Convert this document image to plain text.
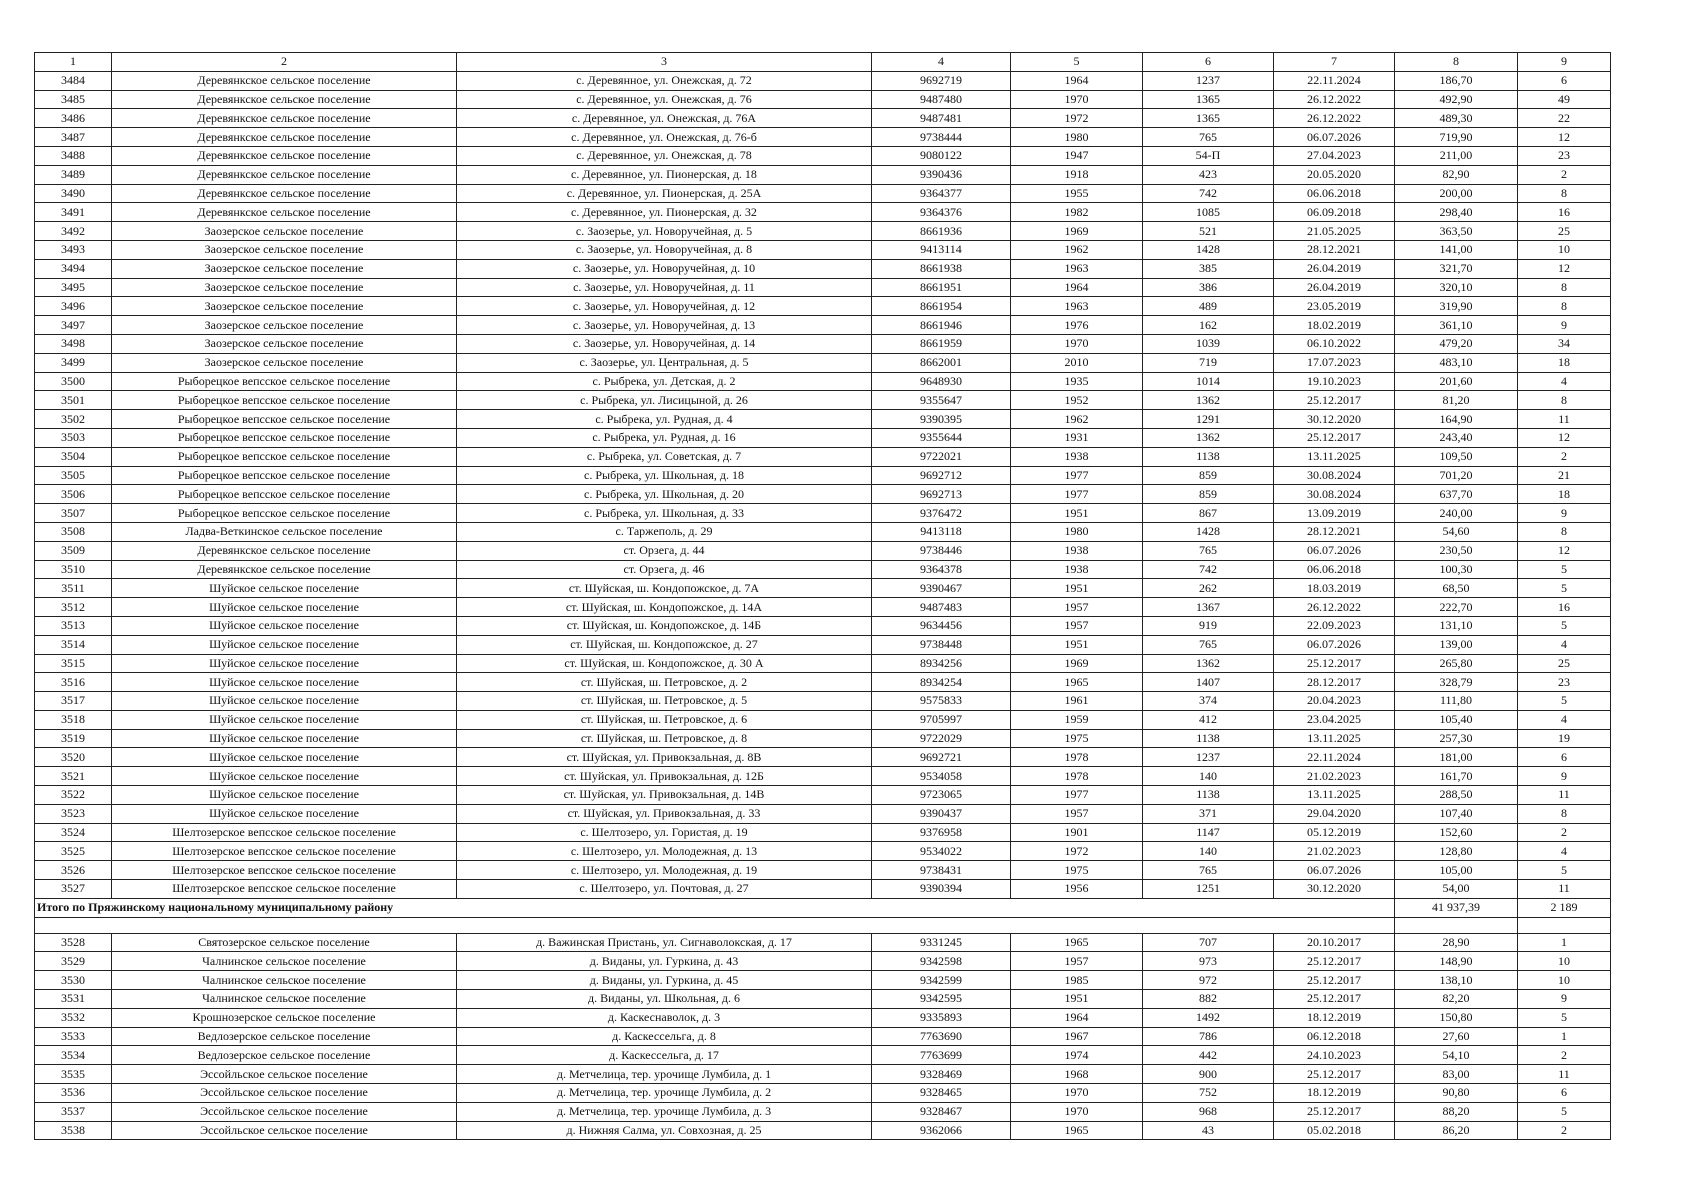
1	2	3	4	5	6	7	8	9
3484	Деревянкское сельское поселение	с. Деревянное, ул. Онежская, д. 72	9692719	1964	1237	22.11.2024	186,70	6
3485	Деревянкское сельское поселение	с. Деревянное, ул. Онежская, д. 76	9487480	1970	1365	26.12.2022	492,90	49
3486	Деревянкское сельское поселение	с. Деревянное, ул. Онежская, д. 76А	9487481	1972	1365	26.12.2022	489,30	22
3487	Деревянкское сельское поселение	с. Деревянное, ул. Онежская, д. 76-б	9738444	1980	765	06.07.2026	719,90	12
3488	Деревянкское сельское поселение	с. Деревянное, ул. Онежская, д. 78	9080122	1947	54-П	27.04.2023	211,00	23
3489	Деревянкское сельское поселение	с. Деревянное, ул. Пионерская, д. 18	9390436	1918	423	20.05.2020	82,90	2
3490	Деревянкское сельское поселение	с. Деревянное, ул. Пионерская, д. 25А	9364377	1955	742	06.06.2018	200,00	8
3491	Деревянкское сельское поселение	с. Деревянное, ул. Пионерская, д. 32	9364376	1982	1085	06.09.2018	298,40	16
3492	Заозерское сельское поселение	с. Заозерье, ул. Новоручейная, д. 5	8661936	1969	521	21.05.2025	363,50	25
3493	Заозерское сельское поселение	с. Заозерье, ул. Новоручейная, д. 8	9413114	1962	1428	28.12.2021	141,00	10
3494	Заозерское сельское поселение	с. Заозерье, ул. Новоручейная, д. 10	8661938	1963	385	26.04.2019	321,70	12
3495	Заозерское сельское поселение	с. Заозерье, ул. Новоручейная, д. 11	8661951	1964	386	26.04.2019	320,10	8
3496	Заозерское сельское поселение	с. Заозерье, ул. Новоручейная, д. 12	8661954	1963	489	23.05.2019	319,90	8
3497	Заозерское сельское поселение	с. Заозерье, ул. Новоручейная, д. 13	8661946	1976	162	18.02.2019	361,10	9
3498	Заозерское сельское поселение	с. Заозерье, ул. Новоручейная, д. 14	8661959	1970	1039	06.10.2022	479,20	34
3499	Заозерское сельское поселение	с. Заозерье, ул. Центральная, д. 5	8662001	2010	719	17.07.2023	483,10	18
3500	Рыборецкое вепсское сельское поселение	с. Рыбрека, ул. Детская, д. 2	9648930	1935	1014	19.10.2023	201,60	4
3501	Рыборецкое вепсское сельское поселение	с. Рыбрека, ул. Лисицыной, д. 26	9355647	1952	1362	25.12.2017	81,20	8
3502	Рыборецкое вепсское сельское поселение	с. Рыбрека, ул. Рудная, д. 4	9390395	1962	1291	30.12.2020	164,90	11
3503	Рыборецкое вепсское сельское поселение	с. Рыбрека, ул. Рудная, д. 16	9355644	1931	1362	25.12.2017	243,40	12
3504	Рыборецкое вепсское сельское поселение	с. Рыбрека, ул. Советская, д. 7	9722021	1938	1138	13.11.2025	109,50	2
3505	Рыборецкое вепсское сельское поселение	с. Рыбрека, ул. Школьная, д. 18	9692712	1977	859	30.08.2024	701,20	21
3506	Рыборецкое вепсское сельское поселение	с. Рыбрека, ул. Школьная, д. 20	9692713	1977	859	30.08.2024	637,70	18
3507	Рыборецкое вепсское сельское поселение	с. Рыбрека, ул. Школьная, д. 33	9376472	1951	867	13.09.2019	240,00	9
3508	Ладва-Веткинское сельское поселение	с. Таржеполь, д. 29	9413118	1980	1428	28.12.2021	54,60	8
3509	Деревянкское сельское поселение	ст. Орзега, д. 44	9738446	1938	765	06.07.2026	230,50	12
3510	Деревянкское сельское поселение	ст. Орзега, д. 46	9364378	1938	742	06.06.2018	100,30	5
3511	Шуйское сельское поселение	ст. Шуйская, ш. Кондопожское, д. 7А	9390467	1951	262	18.03.2019	68,50	5
3512	Шуйское сельское поселение	ст. Шуйская, ш. Кондопожское, д. 14А	9487483	1957	1367	26.12.2022	222,70	16
3513	Шуйское сельское поселение	ст. Шуйская, ш. Кондопожское, д. 14Б	9634456	1957	919	22.09.2023	131,10	5
3514	Шуйское сельское поселение	ст. Шуйская, ш. Кондопожское, д. 27	9738448	1951	765	06.07.2026	139,00	4
3515	Шуйское сельское поселение	ст. Шуйская, ш. Кондопожское, д. 30 А	8934256	1969	1362	25.12.2017	265,80	25
3516	Шуйское сельское поселение	ст. Шуйская, ш. Петровское, д. 2	8934254	1965	1407	28.12.2017	328,79	23
3517	Шуйское сельское поселение	ст. Шуйская, ш. Петровское, д. 5	9575833	1961	374	20.04.2023	111,80	5
3518	Шуйское сельское поселение	ст. Шуйская, ш. Петровское, д. 6	9705997	1959	412	23.04.2025	105,40	4
3519	Шуйское сельское поселение	ст. Шуйская, ш. Петровское, д. 8	9722029	1975	1138	13.11.2025	257,30	19
3520	Шуйское сельское поселение	ст. Шуйская, ул. Привокзальная, д. 8В	9692721	1978	1237	22.11.2024	181,00	6
3521	Шуйское сельское поселение	ст. Шуйская, ул. Привокзальная, д. 12Б	9534058	1978	140	21.02.2023	161,70	9
3522	Шуйское сельское поселение	ст. Шуйская, ул. Привокзальная, д. 14В	9723065	1977	1138	13.11.2025	288,50	11
3523	Шуйское сельское поселение	ст. Шуйская, ул. Привокзальная, д. 33	9390437	1957	371	29.04.2020	107,40	8
3524	Шелтозерское вепсское сельское поселение	с. Шелтозеро, ул. Гористая, д. 19	9376958	1901	1147	05.12.2019	152,60	2
3525	Шелтозерское вепсское сельское поселение	с. Шелтозеро, ул. Молодежная, д. 13	9534022	1972	140	21.02.2023	128,80	4
3526	Шелтозерское вепсское сельское поселение	с. Шелтозеро, ул. Молодежная, д. 19	9738431	1975	765	06.07.2026	105,00	5
3527	Шелтозерское вепсское сельское поселение	с. Шелтозеро, ул. Почтовая, д. 27	9390394	1956	1251	30.12.2020	54,00	11
Итого по Пряжинскому национальному муниципальному району							41 937,39	2 189

3528	Святозерское сельское поселение	д. Важинская Пристань, ул. Сигнаволокская, д. 17	9331245	1965	707	20.10.2017	28,90	1
3529	Чалнинское сельское поселение	д. Виданы, ул. Гуркина, д. 43	9342598	1957	973	25.12.2017	148,90	10
3530	Чалнинское сельское поселение	д. Виданы, ул. Гуркина, д. 45	9342599	1985	972	25.12.2017	138,10	10
3531	Чалнинское сельское поселение	д. Виданы, ул. Школьная, д. 6	9342595	1951	882	25.12.2017	82,20	9
3532	Крошнозерское сельское поселение	д. Каскеснаволок, д. 3	9335893	1964	1492	18.12.2019	150,80	5
3533	Ведлозерское сельское поселение	д. Каскессельга, д. 8	7763690	1967	786	06.12.2018	27,60	1
3534	Ведлозерское сельское поселение	д. Каскессельга, д. 17	7763699	1974	442	24.10.2023	54,10	2
3535	Эссойльское сельское поселение	д. Метчелица, тер. урочище Лумбила, д. 1	9328469	1968	900	25.12.2017	83,00	11
3536	Эссойльское сельское поселение	д. Метчелица, тер. урочище Лумбила, д. 2	9328465	1970	752	18.12.2019	90,80	6
3537	Эссойльское сельское поселение	д. Метчелица, тер. урочище Лумбила, д. 3	9328467	1970	968	25.12.2017	88,20	5
3538	Эссойльское сельское поселение	д. Нижняя Салма, ул. Совхозная, д. 25	9362066	1965	43	05.02.2018	86,20	2
